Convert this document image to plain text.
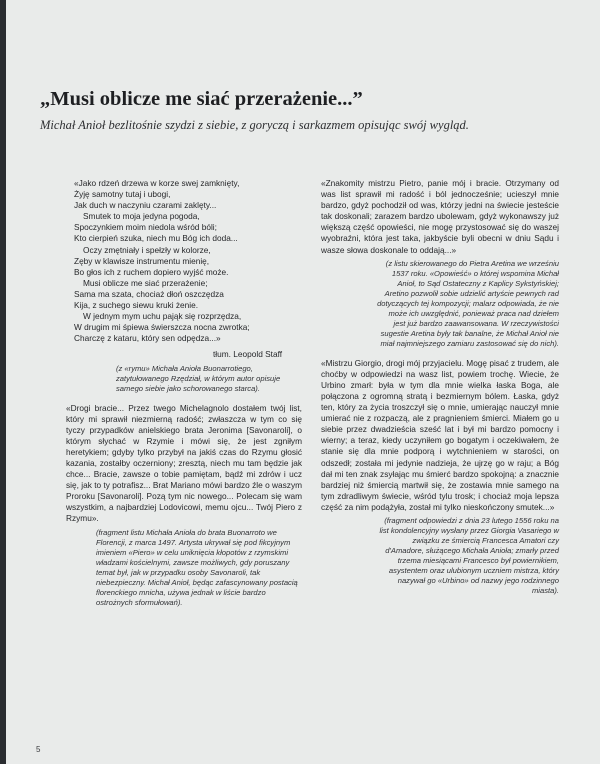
„Musi oblicze me siać przerażenie...”

Michał Anioł bezlitośnie szydzi z siebie, z goryczą i sarkazmem opisując swój wygląd.

«Jako rdzeń drzewa w korze swej zamknięty,
Żyję samotny tutaj i ubogi,
Jak duch w naczyniu czarami zaklęty...
Smutek to moja jedyna pogoda,
Spoczynkiem moim niedola wśród bóli;
Kto cierpień szuka, niech mu Bóg ich doda...
Oczy zmętniały i spełzły w kolorze,
Zęby w klawisze instrumentu mienię,
Bo głos ich z ruchem dopiero wyjść może.
Musi oblicze me siać przerażenie;
Sama ma szata, chociaż dłoń oszczędza
Kija, z suchego siewu kruki żenie.
W jednym mym uchu pająk się rozprzędza,
W drugim mi śpiewa świerszcza nocna zwrotka;
Charczę z kataru, który sen odpędza...»
tłum. Leopold Staff

(z «rymu» Michała Anioła Buonarrotiego, zatytułowanego Rzędział, w którym autor opisuje samego siebie jako schorowanego starca).

«Drogi bracie... Przez twego Michelagnolo dostałem twój list, który mi sprawił niezmierną radość; zwłaszcza w tym co się tyczy przypadków anielskiego brata Jeronima [Savonaroli], o którym słychać w Rzymie i mówi się, że jest zgniłym heretykiem; gdyby tylko przybył na jakiś czas do Rzymu głosić kazania, zostałby oczerniony; zresztą, niech mu tam będzie jak chce... Bracie, zawsze o tobie pamiętam, bądź mi zdrów i ucz się, jak to ty potrafisz... Brat Mariano mówi bardzo źle o waszym Proroku [Savonaroli]. Pozą tym nic nowego... Polecam się wam wszystkim, a najbardziej Lodovicowi, memu ojcu... Twój Piero z Rzymu».

(fragment listu Michała Anioła do brata Buonarroto we Florencji, z marca 1497. Artysta ukrywał się pod fikcyjnym imieniem «Piero» w celu uniknięcia kłopotów z rzymskimi władzami kościelnymi, zawsze możliwych, gdy poruszany temat był, jak w przypadku osoby Savonaroli, tak niebezpieczny. Michał Anioł, będąc zafascynowany postacią florenckiego mnicha, używa jednak w liście bardzo ostrożnych sformułowań).

«Znakomity mistrzu Pietro, panie mój i bracie. Otrzymany od was list sprawił mi radość i ból jednocześnie; ucieszył mnie bardzo, gdyż pochodził od was, którzy jedni na świecie jesteście tak doskonali; zarazem bardzo ubolewam, gdyż wykonawszy już większą część opowieści, nie mogę przystosować się do waszej wyobraźni, która jest taka, jakbyście byli obecni w dniu Sądu i wasze słowa doskonale to oddają...»

(z listu skierowanego do Pietra Aretina we wrześniu 1537 roku. «Opowieść» o której wspomina Michał Anioł, to Sąd Ostateczny z Kaplicy Sykstyńskiej; Aretino pozwolił sobie udzielić artyście pewnych rad dotyczących tej kompozycji; malarz odpowiada, że nie może ich uwzględnić, ponieważ praca nad dziełem jest już bardzo zaawansowana. W rzeczywistości sugestie Aretina były tak banalne, że Michał Anioł nie miał najmniejszego zamiaru zastosować się do nich).

«Mistrzu Giorgio, drogi mój przyjacielu. Mogę pisać z trudem, ale choćby w odpowiedzi na wasz list, powiem trochę. Wiecie, że Urbino zmarł: była w tym dla mnie wielka łaska Boga, ale połączona z ogromną stratą i bezmiernym bólem. Łaska, gdyż ten, który za życia troszczył się o mnie, umierając nauczył mnie umierać nie z rozpaczą, ale z pragnieniem śmierci. Miałem go u siebie przez dwadzieścia sześć lat i był mi bardzo pomocny i wierny; a teraz, kiedy uczyniłem go bogatym i oczekiwałem, że stanie się dla mnie podporą i wytchnieniem w starości, on odszedł; została mi jedynie nadzieja, że ujrzę go w raju; a Bóg dał mi ten znak zsyłając mu śmierć bardzo spokojną: a znacznie bardziej niż śmiercią martwił się, że zostawia mnie samego na tym zdradliwym świecie, wśród tylu trosk; i chociaż moja lepsza część za nim podążyła, został mi tylko nieskończony smutek...»

(fragment odpowiedzi z dnia 23 lutego 1556 roku na list kondolencyjny wysłany przez Giorgia Vasariego w związku ze śmiercią Francesca Amatori czy d'Amadore, służącego Michała Anioła; zmarły przed trzema miesiącami Francesco był powiernikiem, asystentem oraz ulubionym uczniem mistrza, który nazywał go «Urbino» od nazwy jego rodzinnego miasta).

5
